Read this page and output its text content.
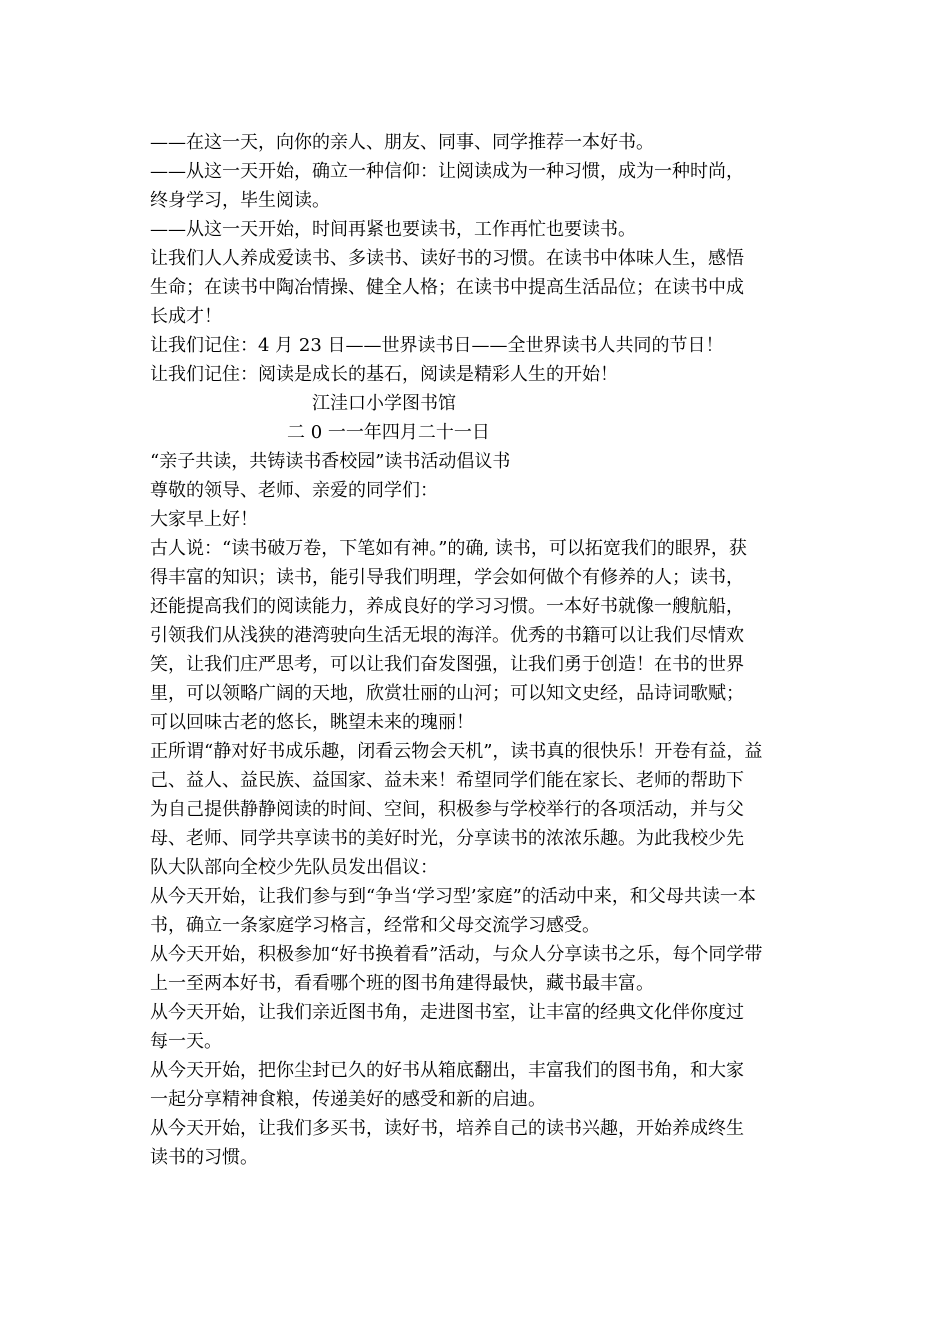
——在这一天，向你的亲人、朋友、同事、同学推荐一本好书。
——从这一天开始，确立一种信仰：让阅读成为一种习惯，成为一种时尚，
终身学习，毕生阅读。
——从这一天开始，时间再紧也要读书，工作再忙也要读书。
让我们人人养成爱读书、多读书、读好书的习惯。在读书中体味人生，感悟
生命；在读书中陶冶情操、健全人格；在读书中提高生活品位；在读书中成
长成才！
让我们记住：4 月 23 日——世界读书日——全世界读书人共同的节日！
让我们记住：阅读是成长的基石，阅读是精彩人生的开始！
江洼口小学图书馆
二 0 一一年四月二十一日
“亲子共读，共铸读书香校园”读书活动倡议书
尊敬的领导、老师、亲爱的同学们：
大家早上好！
古人说：“读书破万卷，下笔如有神。”的确, 读书，可以拓宽我们的眼界，获
得丰富的知识；读书，能引导我们明理，学会如何做个有修养的人；读书，
还能提高我们的阅读能力，养成良好的学习习惯。一本好书就像一艘航船，
引领我们从浅狭的港湾驶向生活无垠的海洋。优秀的书籍可以让我们尽情欢
笑，让我们庄严思考，可以让我们奋发图强，让我们勇于创造！在书的世界
里，可以领略广阔的天地，欣赏壮丽的山河；可以知文史经，品诗词歌赋；
可以回味古老的悠长，眺望未来的瑰丽！
正所谓“静对好书成乐趣，闭看云物会天机”，读书真的很快乐！开卷有益，益
己、益人、益民族、益国家、益未来！希望同学们能在家长、老师的帮助下
为自己提供静静阅读的时间、空间，积极参与学校举行的各项活动，并与父
母、老师、同学共享读书的美好时光，分享读书的浓浓乐趣。为此我校少先
队大队部向全校少先队员发出倡议：
从今天开始，让我们参与到“争当‘学习型’家庭”的活动中来，和父母共读一本
书，确立一条家庭学习格言，经常和父母交流学习感受。
从今天开始，积极参加“好书换着看”活动，与众人分享读书之乐，每个同学带
上一至两本好书，看看哪个班的图书角建得最快，藏书最丰富。
从今天开始，让我们亲近图书角，走进图书室，让丰富的经典文化伴你度过
每一天。
从今天开始，把你尘封已久的好书从箱底翻出，丰富我们的图书角，和大家
一起分享精神食粮，传递美好的感受和新的启迪。
从今天开始，让我们多买书，读好书，培养自己的读书兴趣，开始养成终生
读书的习惯。
